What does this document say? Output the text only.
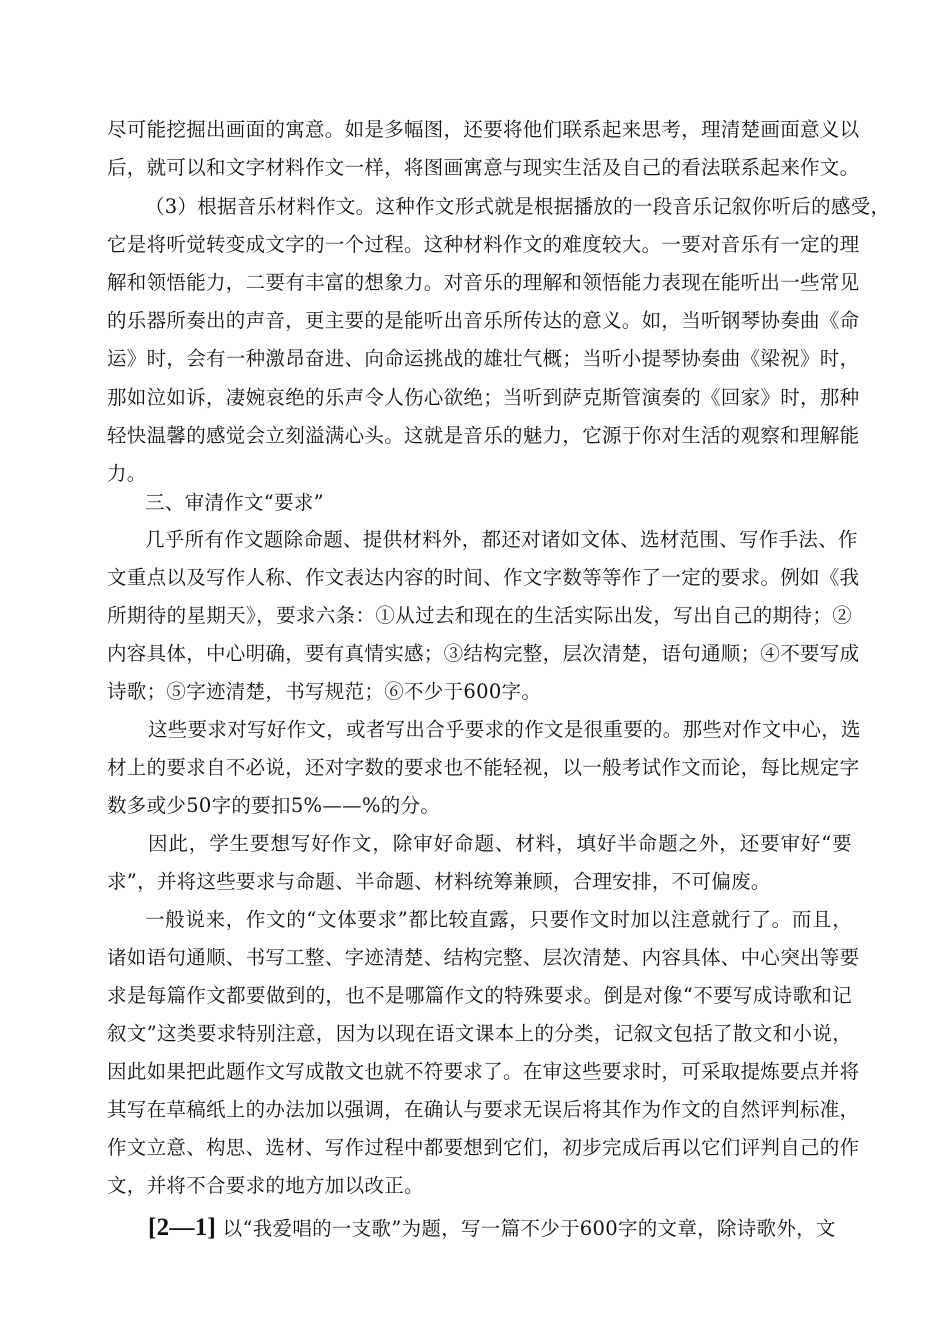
尽可能挖掘出画面的寓意。如是多幅图，还要将他们联系起来思考，理清楚画面意义以
后，就可以和文字材料作文一样，将图画寓意与现实生活及自己的看法联系起来作文。
（3）根据音乐材料作文。这种作文形式就是根据播放的一段音乐记叙你听后的感受，
它是将听觉转变成文字的一个过程。这种材料作文的难度较大。一要对音乐有一定的理
解和领悟能力，二要有丰富的想象力。对音乐的理解和领悟能力表现在能听出一些常见
的乐器所奏出的声音，更主要的是能听出音乐所传达的意义。如，当听钢琴协奏曲《命
运》时，会有一种激昂奋进、向命运挑战的雄壮气概；当听小提琴协奏曲《梁祝》时，
那如泣如诉，凄婉哀绝的乐声令人伤心欲绝；当听到萨克斯管演奏的《回家》时，那种
轻快温馨的感觉会立刻溢满心头。这就是音乐的魅力，它源于你对生活的观察和理解能
力。
三、审清作文“要求”
几乎所有作文题除命题、提供材料外，都还对诸如文体、选材范围、写作手法、作
文重点以及写作人称、作文表达内容的时间、作文字数等等作了一定的要求。例如《我
所期待的星期天》，要求六条：①从过去和现在的生活实际出发，写出自己的期待；②
内容具体，中心明确，要有真情实感；③结构完整，层次清楚，语句通顺；④不要写成
诗歌；⑤字迹清楚，书写规范；⑥不少于600字。
这些要求对写好作文，或者写出合乎要求的作文是很重要的。那些对作文中心，选
材上的要求自不必说，还对字数的要求也不能轻视，以一般考试作文而论，每比规定字
数多或少50字的要扣5%——%的分。
因此，学生要想写好作文，除审好命题、材料，填好半命题之外，还要审好“要
求”，并将这些要求与命题、半命题、材料统筹兼顾，合理安排，不可偏废。
一般说来，作文的“文体要求”都比较直露，只要作文时加以注意就行了。而且，
诸如语句通顺、书写工整、字迹清楚、结构完整、层次清楚、内容具体、中心突出等要
求是每篇作文都要做到的，也不是哪篇作文的特殊要求。倒是对像“不要写成诗歌和记
叙文”这类要求特别注意，因为以现在语文课本上的分类，记叙文包括了散文和小说，
因此如果把此题作文写成散文也就不符要求了。在审这些要求时，可采取提炼要点并将
其写在草稿纸上的办法加以强调，在确认与要求无误后将其作为作文的自然评判标准，
作文立意、构思、选材、写作过程中都要想到它们，初步完成后再以它们评判自己的作
文，并将不合要求的地方加以改正。
[2—1] 以“我爱唱的一支歌”为题，写一篇不少于600字的文章，除诗歌外，文
